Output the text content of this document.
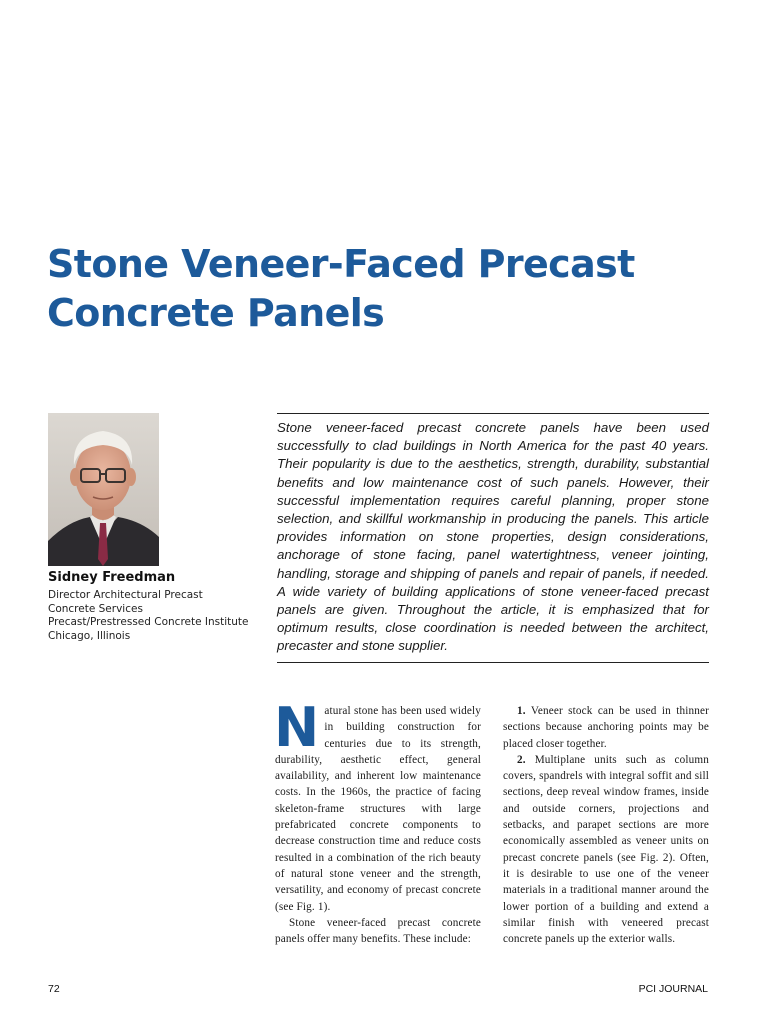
Stone Veneer-Faced Precast
Concrete Panels
Sidney Freedman
Director Architectural Precast
Concrete Services
Precast/Prestressed Concrete Institute
Chicago, Illinois

Stone veneer-faced precast concrete panels have been used successfully to clad buildings in North America for the past 40 years. Their popularity is due to the aesthetics, strength, durability, substantial benefits and low maintenance cost of such panels. However, their successful implementation requires careful planning, proper stone selection, and skillful workmanship in producing the panels. This article provides information on stone properties, design considerations, anchorage of stone facing, panel watertightness, veneer jointing, handling, storage and shipping of panels and repair of panels, if needed. A wide variety of building applications of stone veneer-faced precast panels are given. Throughout the article, it is emphasized that for optimum results, close coordination is needed between the architect, precaster and stone supplier.

Natural stone has been used widely in building construction for centuries due to its strength, durability, aesthetic effect, general availability, and inherent low maintenance costs. In the 1960s, the practice of facing skeleton-frame structures with large prefabricated concrete components to decrease construction time and reduce costs resulted in a combination of the rich beauty of natural stone veneer and the strength, versatility, and economy of precast concrete (see Fig. 1).

Stone veneer-faced precast concrete panels offer many benefits. These include:

1. Veneer stock can be used in thinner sections because anchoring points may be placed closer together.

2. Multiplane units such as column covers, spandrels with integral soffit and sill sections, deep reveal window frames, inside and outside corners, projections and setbacks, and parapet sections are more economically assembled as veneer units on precast concrete panels (see Fig. 2). Often, it is desirable to use one of the veneer materials in a traditional manner around the lower portion of a building and extend a similar finish with veneered precast concrete panels up the exterior walls.

72	PCI JOURNAL
